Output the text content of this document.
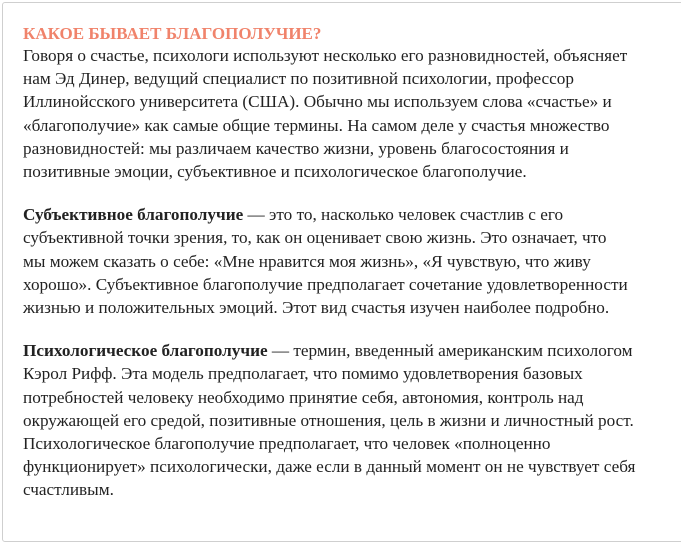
КАКОЕ БЫВАЕТ БЛАГОПОЛУЧИЕ?

Говоря о счастье, психологи используют несколько его разновидностей, объясняет
нам Эд Динер, ведущий специалист по позитивной психологии, профессор
Иллинойсского университета (США). Обычно мы используем слова «счастье» и
«благополучие» как самые общие термины. На самом деле у счастья множество
разновидностей: мы различаем качество жизни, уровень благосостояния и
позитивные эмоции, субъективное и психологическое благополучие.

Субъективное благополучие — это то, насколько человек счастлив с его
субъективной точки зрения, то, как он оценивает свою жизнь. Это означает, что
мы можем сказать о себе: «Мне нравится моя жизнь», «Я чувствую, что живу
хорошо». Субъективное благополучие предполагает сочетание удовлетворенности
жизнью и положительных эмоций. Этот вид счастья изучен наиболее подробно.

Психологическое благополучие — термин, введенный американским психологом
Кэрол Рифф. Эта модель предполагает, что помимо удовлетворения базовых
потребностей человеку необходимо принятие себя, автономия, контроль над
окружающей его средой, позитивные отношения, цель в жизни и личностный рост.
Психологическое благополучие предполагает, что человек «полноценно
функционирует» психологически, даже если в данный момент он не чувствует себя
счастливым.
